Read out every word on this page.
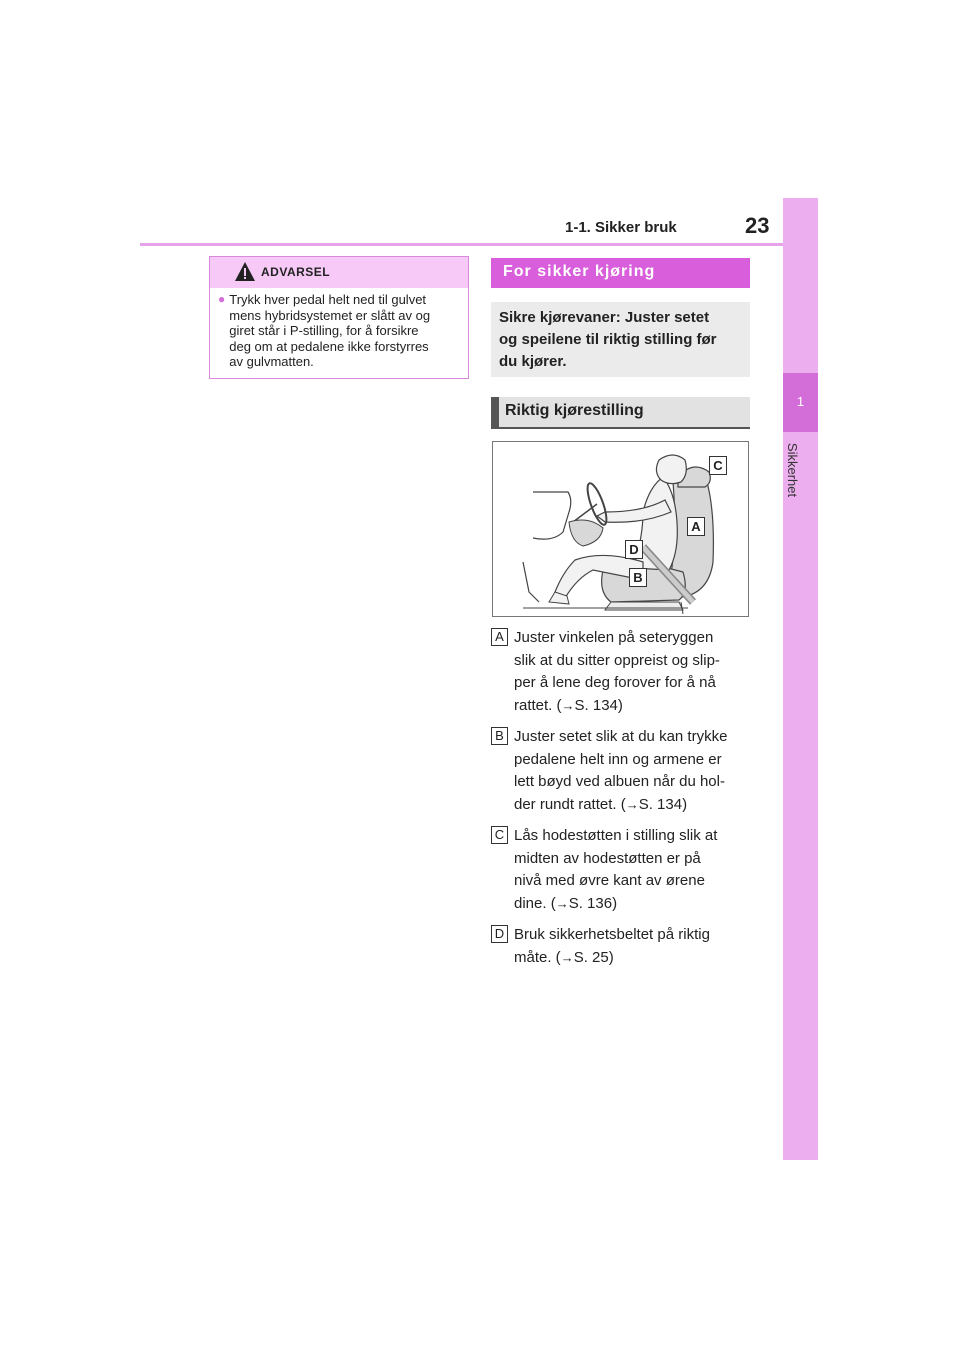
1-1. Sikker bruk	23
1
Sikkerhet
ADVARSEL
● Trykk hver pedal helt ned til gulvet
mens hybridsystemet er slått av og
giret står i P-stilling, for å forsikre
deg om at pedalene ikke forstyrres
av gulvmatten.
For sikker kjøring
Sikre kjørevaner: Juster setet
og speilene til riktig stilling før
du kjører.
Riktig kjørestilling
C
A
D
B
A Juster vinkelen på seteryggen
slik at du sitter oppreist og slip-
per å lene deg forover for å nå
rattet. (→S. 134)
B Juster setet slik at du kan trykke
pedalene helt inn og armene er
lett bøyd ved albuen når du hol-
der rundt rattet. (→S. 134)
C Lås hodestøtten i stilling slik at
midten av hodestøtten er på
nivå med øvre kant av ørene
dine. (→S. 136)
D Bruk sikkerhetsbeltet på riktig
måte. (→S. 25)
